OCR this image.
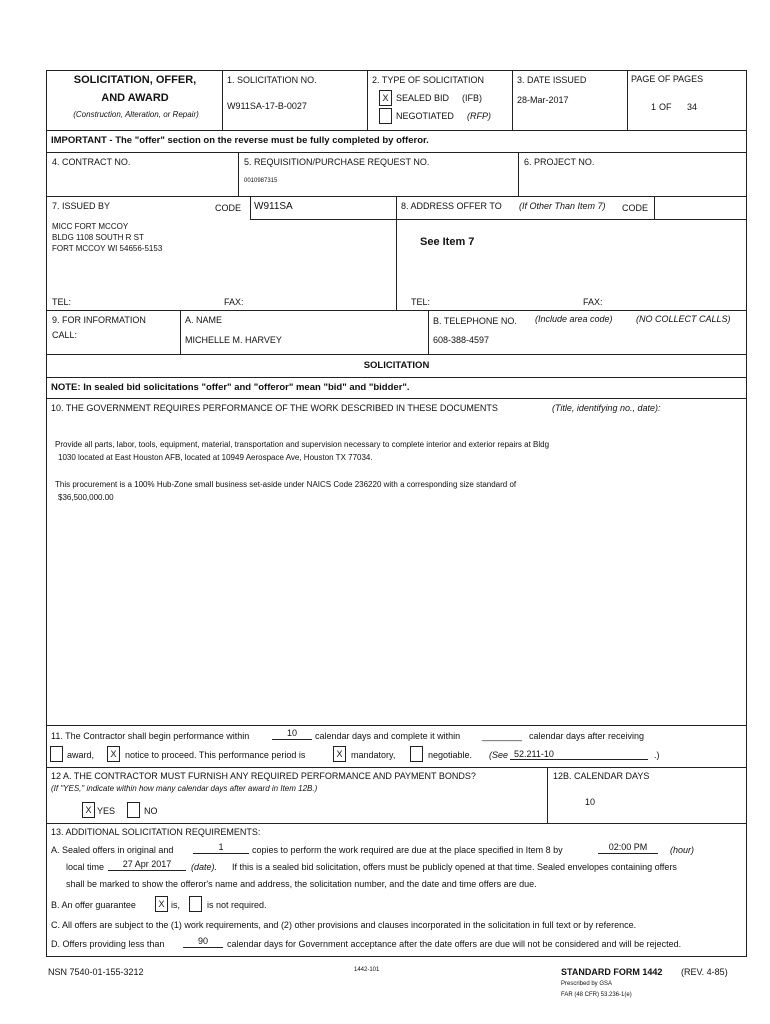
SOLICITATION, OFFER,
AND AWARD
(Construction, Alteration, or Repair)
1. SOLICITATION NO.
W911SA-17-B-0027
2. TYPE OF SOLICITATION
X SEALED BID (IFB)
NEGOTIATED (RFP)
3. DATE ISSUED
28-Mar-2017
PAGE OF PAGES
1 OF 34
IMPORTANT - The "offer" section on the reverse must be fully completed by offeror.
4. CONTRACT NO.	5. REQUISITION/PURCHASE REQUEST NO.
0010987315
6. PROJECT NO.
7. ISSUED BY	CODE W911SA
MICC FORT MCCOY
BLDG 1108 SOUTH R ST
FORT MCCOY WI 54656-5153
8. ADDRESS OFFER TO (If Other Than Item 7) CODE
See Item 7
TEL:	FAX:	TEL:	FAX:
9. FOR INFORMATION
CALL:
A. NAME
MICHELLE M. HARVEY
B. TELEPHONE NO. (Include area code)	(NO COLLECT CALLS)
608-388-4597
SOLICITATION
NOTE: In sealed bid solicitations "offer" and "offeror" mean "bid" and "bidder".
10. THE GOVERNMENT REQUIRES PERFORMANCE OF THE WORK DESCRIBED IN THESE DOCUMENTS	(Title, identifying no., date):
Provide all parts, labor, tools, equipment, material, transportation and supervision necessary to complete interior and exterior repairs at Bldg
1030 located at East Houston AFB, located at 10949 Aerospace Ave, Houston TX 77034.
This procurement is a 100% Hub-Zone small business set-aside under NAICS Code 236220 with a corresponding size standard of
$36,500,000.00
11. The Contractor shall begin performance within	10	calendar days and complete it within ________ calendar days after receiving
award,	X notice to proceed. This performance period is	X mandatory,	negotiable. (See 52.211-10	.)
12 A. THE CONTRACTOR MUST FURNISH ANY REQUIRED PERFORMANCE AND PAYMENT BONDS?
(If "YES," indicate within how many calendar days after award in Item 12B.)
X YES	NO
12B. CALENDAR DAYS
10
13. ADDITIONAL SOLICITATION REQUIREMENTS:
A. Sealed offers in original and	1	copies to perform the work required are due at the place specified in Item 8 by	02:00 PM	(hour)
local time	27 Apr 2017	(date). If this is a sealed bid solicitation, offers must be publicly opened at that time. Sealed envelopes containing offers
shall be marked to show the offeror's name and address, the solicitation number, and the date and time offers are due.
B. An offer guarantee	X is,	is not required.
C. All offers are subject to the (1) work requirements, and (2) other provisions and clauses incorporated in the solicitation in full text or by reference.
D. Offers providing less than	90	calendar days for Government acceptance after the date offers are due will not be considered and will be rejected.
NSN 7540-01-155-3212	1442-101	STANDARD FORM 1442 (REV. 4-85)
Prescribed by GSA
FAR (48 CFR) 53.236-1(e)
